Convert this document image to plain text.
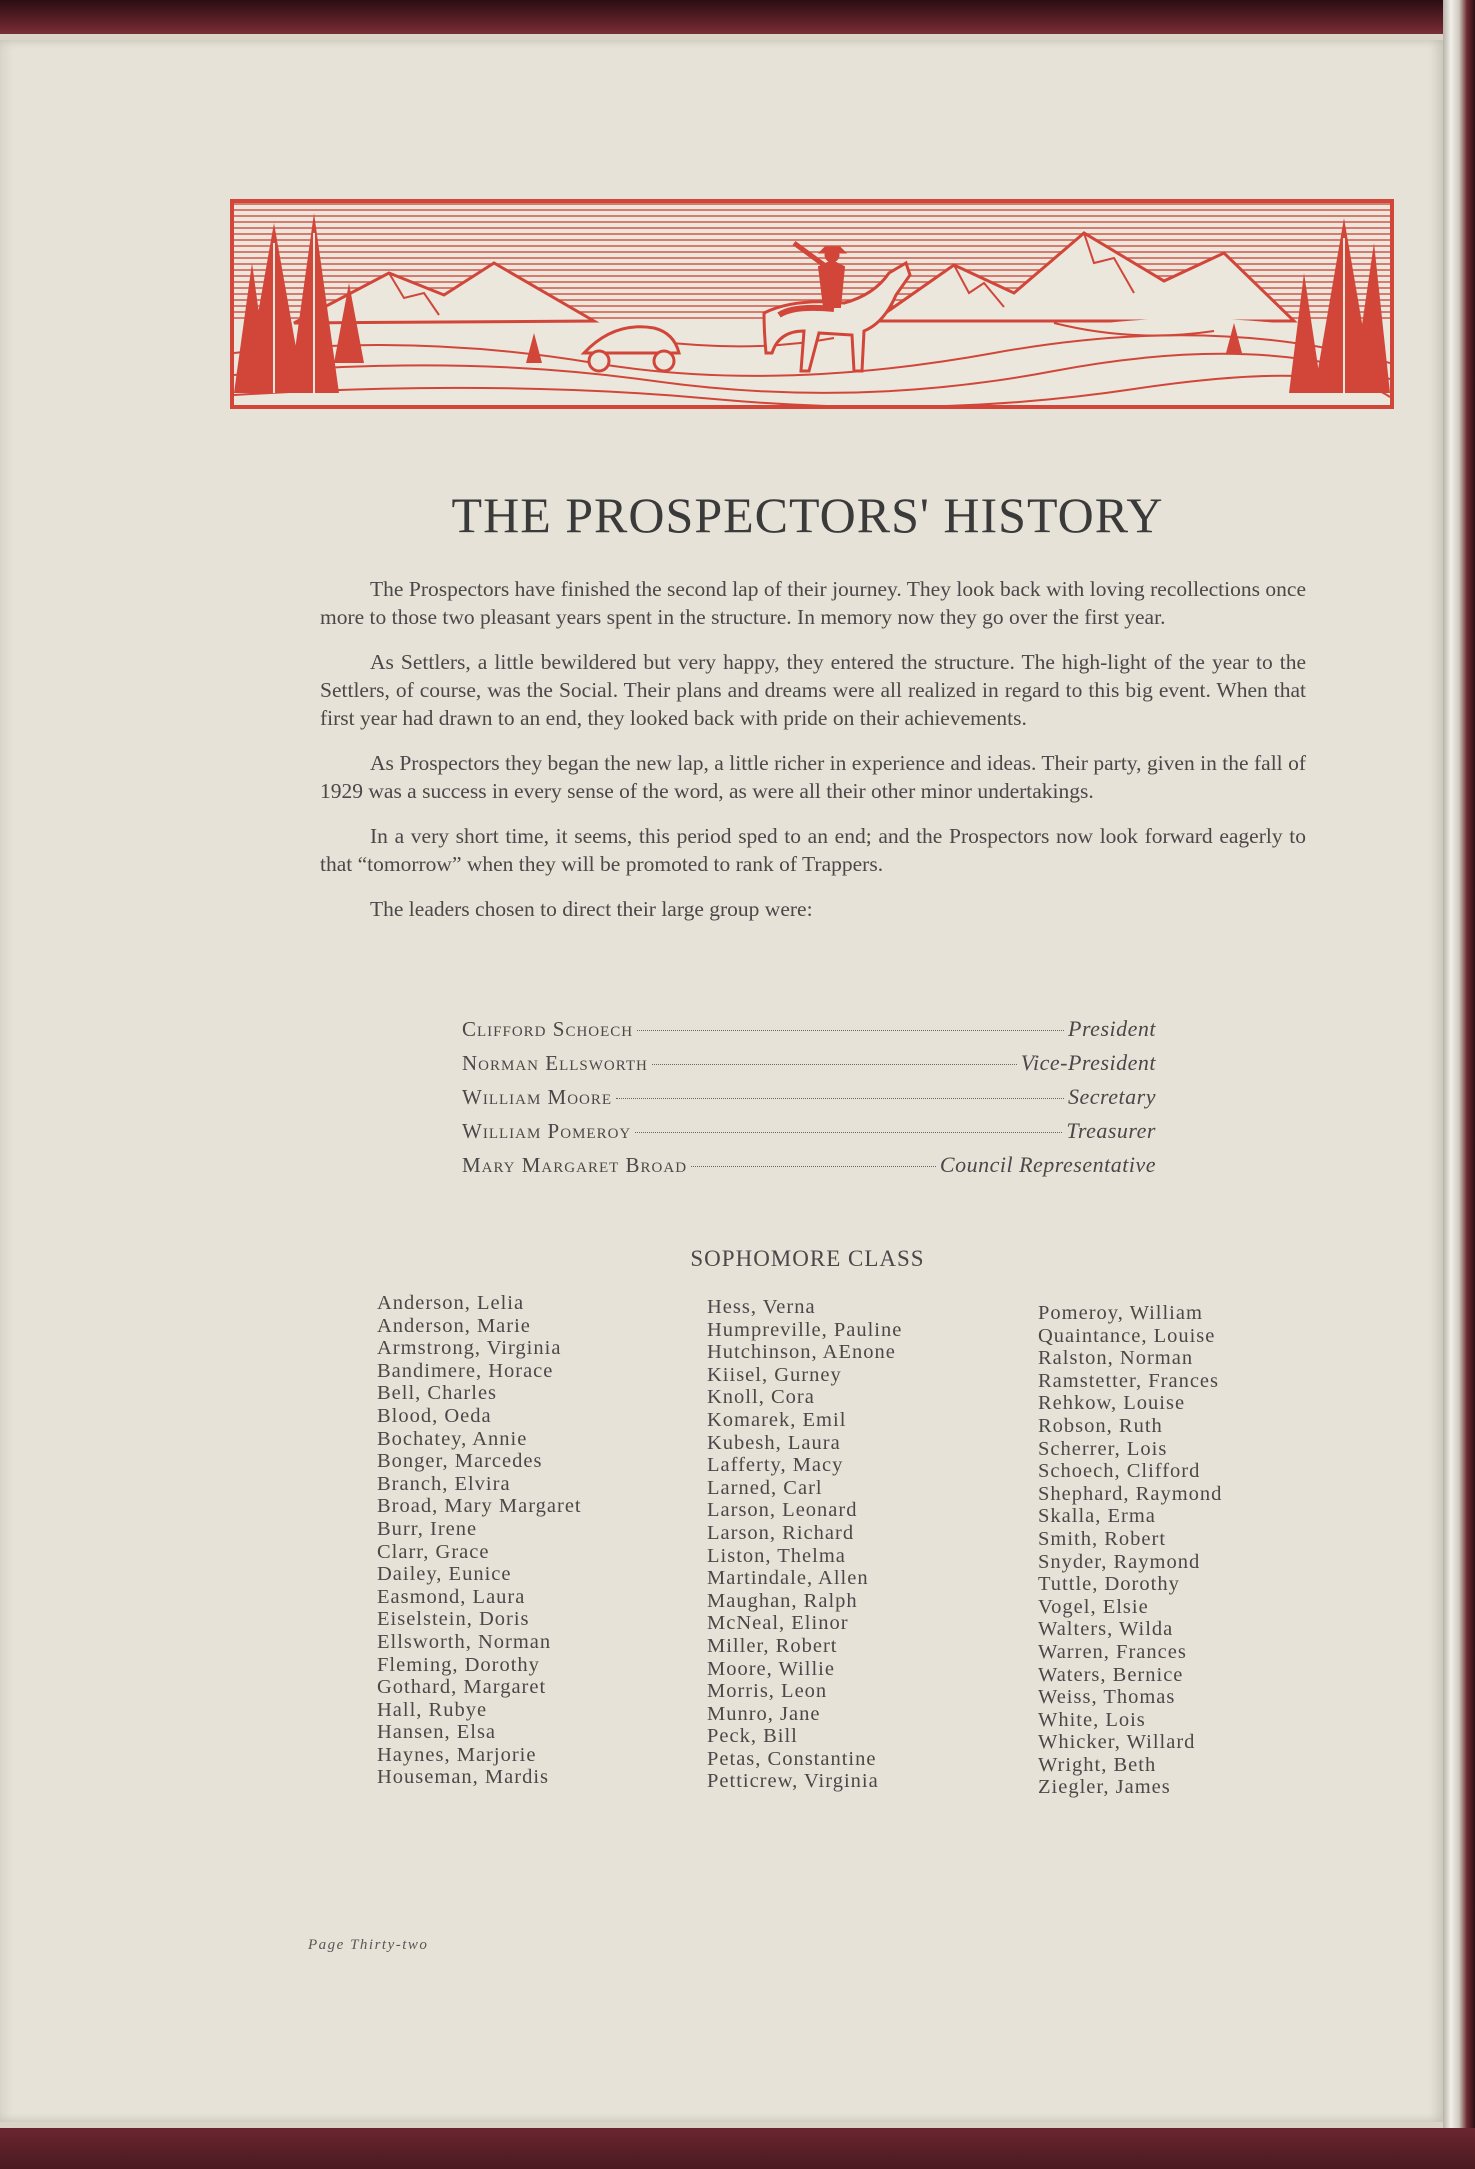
THE PROSPECTORS' HISTORY

The Prospectors have finished the second lap of their journey. They look back with loving recollections once more to those two pleasant years spent in the structure. In memory now they go over the first year.

As Settlers, a little bewildered but very happy, they entered the structure. The high-light of the year to the Settlers, of course, was the Social. Their plans and dreams were all realized in regard to this big event. When that first year had drawn to an end, they looked back with pride on their achievements.

As Prospectors they began the new lap, a little richer in experience and ideas. Their party, given in the fall of 1929 was a success in every sense of the word, as were all their other minor undertakings.

In a very short time, it seems, this period sped to an end; and the Prospectors now look forward eagerly to that “tomorrow” when they will be promoted to rank of Trappers.

The leaders chosen to direct their large group were:

Clifford Schoech	President
Norman Ellsworth	Vice-President
William Moore	Secretary
William Pomeroy	Treasurer
Mary Margaret Broad	Council Representative
SOPHOMORE CLASS
Anderson, Lelia
Anderson, Marie
Armstrong, Virginia
Bandimere, Horace
Bell, Charles
Blood, Oeda
Bochatey, Annie
Bonger, Marcedes
Branch, Elvira
Broad, Mary Margaret
Burr, Irene
Clarr, Grace
Dailey, Eunice
Easmond, Laura
Eiselstein, Doris
Ellsworth, Norman
Fleming, Dorothy
Gothard, Margaret
Hall, Rubye
Hansen, Elsa
Haynes, Marjorie
Houseman, Mardis
Hess, Verna
Humpreville, Pauline
Hutchinson, AEnone
Kiisel, Gurney
Knoll, Cora
Komarek, Emil
Kubesh, Laura
Lafferty, Macy
Larned, Carl
Larson, Leonard
Larson, Richard
Liston, Thelma
Martindale, Allen
Maughan, Ralph
McNeal, Elinor
Miller, Robert
Moore, Willie
Morris, Leon
Munro, Jane
Peck, Bill
Petas, Constantine
Petticrew, Virginia
Pomeroy, William
Quaintance, Louise
Ralston, Norman
Ramstetter, Frances
Rehkow, Louise
Robson, Ruth
Scherrer, Lois
Schoech, Clifford
Shephard, Raymond
Skalla, Erma
Smith, Robert
Snyder, Raymond
Tuttle, Dorothy
Vogel, Elsie
Walters, Wilda
Warren, Frances
Waters, Bernice
Weiss, Thomas
White, Lois
Whicker, Willard
Wright, Beth
Ziegler, James
Page Thirty-two
